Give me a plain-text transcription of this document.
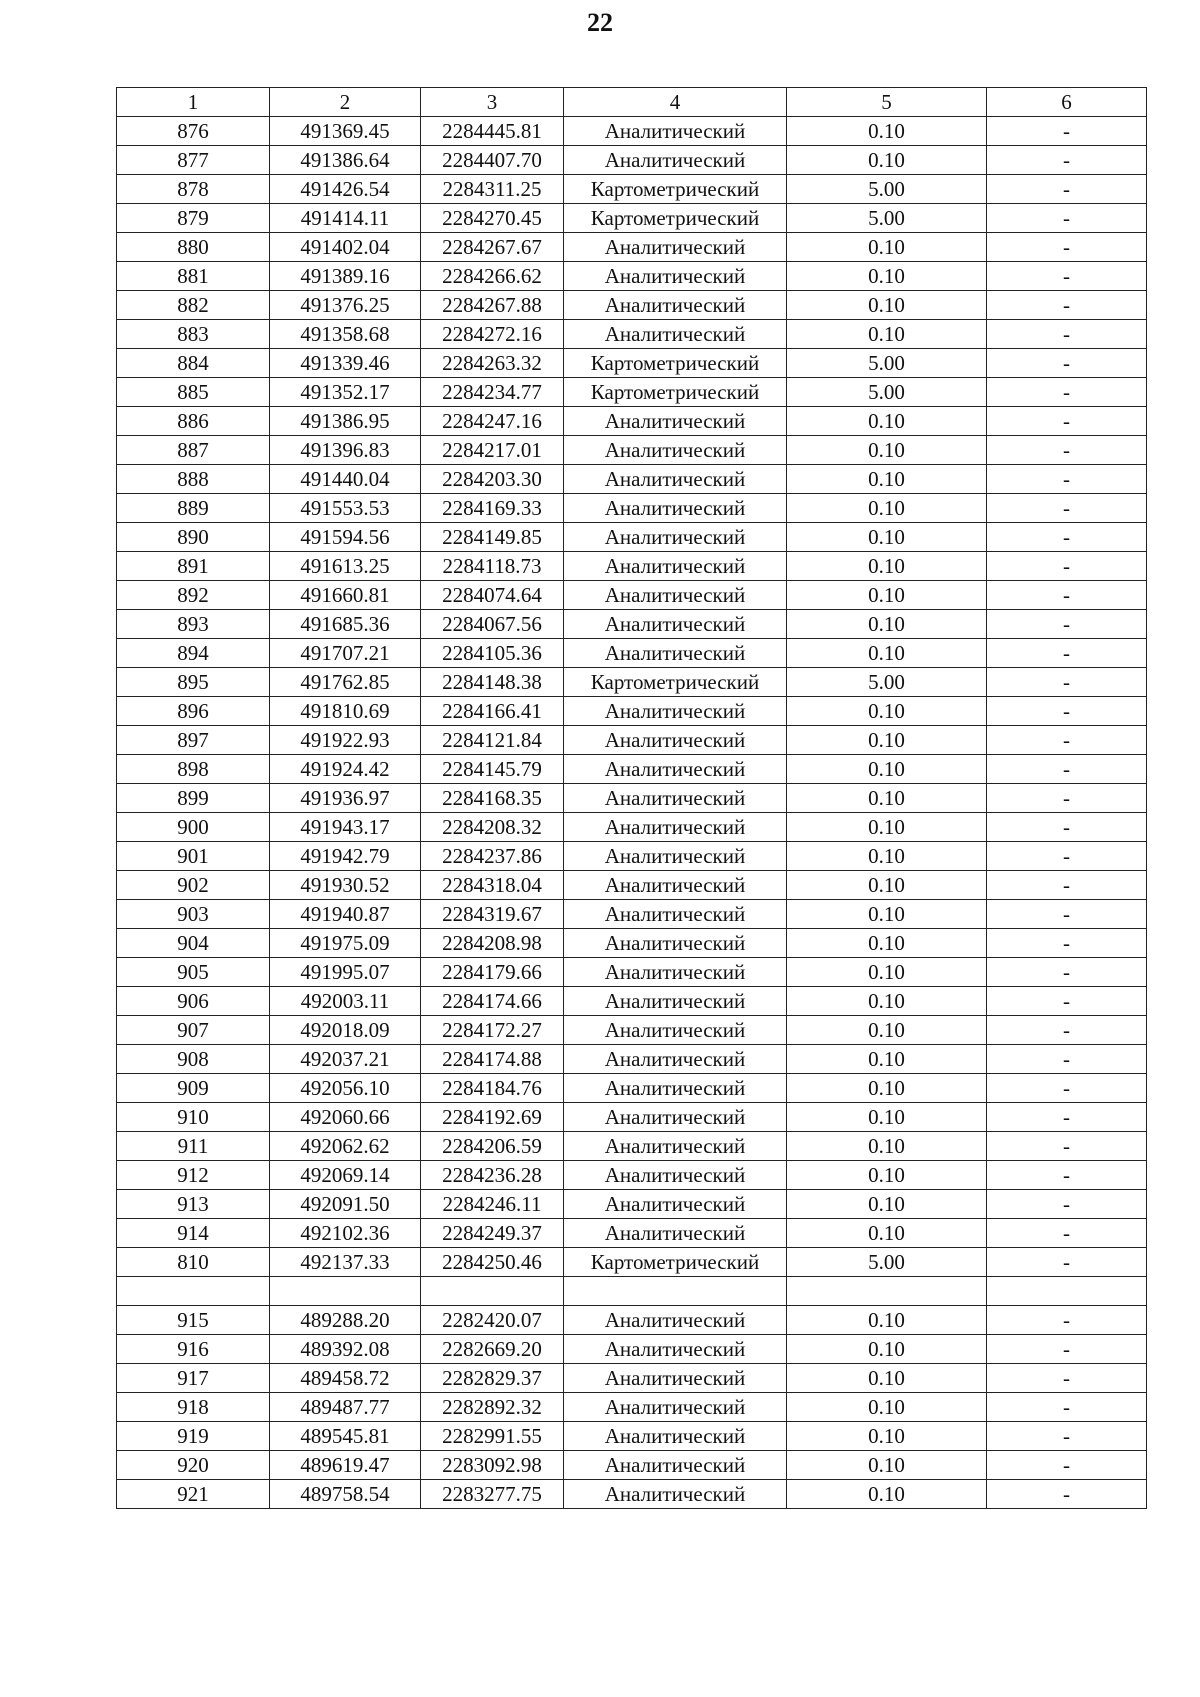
22
1	2	3	4	5	6
876	491369.45	2284445.81	Аналитический	0.10	-
877	491386.64	2284407.70	Аналитический	0.10	-
878	491426.54	2284311.25	Картометрический	5.00	-
879	491414.11	2284270.45	Картометрический	5.00	-
880	491402.04	2284267.67	Аналитический	0.10	-
881	491389.16	2284266.62	Аналитический	0.10	-
882	491376.25	2284267.88	Аналитический	0.10	-
883	491358.68	2284272.16	Аналитический	0.10	-
884	491339.46	2284263.32	Картометрический	5.00	-
885	491352.17	2284234.77	Картометрический	5.00	-
886	491386.95	2284247.16	Аналитический	0.10	-
887	491396.83	2284217.01	Аналитический	0.10	-
888	491440.04	2284203.30	Аналитический	0.10	-
889	491553.53	2284169.33	Аналитический	0.10	-
890	491594.56	2284149.85	Аналитический	0.10	-
891	491613.25	2284118.73	Аналитический	0.10	-
892	491660.81	2284074.64	Аналитический	0.10	-
893	491685.36	2284067.56	Аналитический	0.10	-
894	491707.21	2284105.36	Аналитический	0.10	-
895	491762.85	2284148.38	Картометрический	5.00	-
896	491810.69	2284166.41	Аналитический	0.10	-
897	491922.93	2284121.84	Аналитический	0.10	-
898	491924.42	2284145.79	Аналитический	0.10	-
899	491936.97	2284168.35	Аналитический	0.10	-
900	491943.17	2284208.32	Аналитический	0.10	-
901	491942.79	2284237.86	Аналитический	0.10	-
902	491930.52	2284318.04	Аналитический	0.10	-
903	491940.87	2284319.67	Аналитический	0.10	-
904	491975.09	2284208.98	Аналитический	0.10	-
905	491995.07	2284179.66	Аналитический	0.10	-
906	492003.11	2284174.66	Аналитический	0.10	-
907	492018.09	2284172.27	Аналитический	0.10	-
908	492037.21	2284174.88	Аналитический	0.10	-
909	492056.10	2284184.76	Аналитический	0.10	-
910	492060.66	2284192.69	Аналитический	0.10	-
911	492062.62	2284206.59	Аналитический	0.10	-
912	492069.14	2284236.28	Аналитический	0.10	-
913	492091.50	2284246.11	Аналитический	0.10	-
914	492102.36	2284249.37	Аналитический	0.10	-
810	492137.33	2284250.46	Картометрический	5.00	-

915	489288.20	2282420.07	Аналитический	0.10	-
916	489392.08	2282669.20	Аналитический	0.10	-
917	489458.72	2282829.37	Аналитический	0.10	-
918	489487.77	2282892.32	Аналитический	0.10	-
919	489545.81	2282991.55	Аналитический	0.10	-
920	489619.47	2283092.98	Аналитический	0.10	-
921	489758.54	2283277.75	Аналитический	0.10	-
